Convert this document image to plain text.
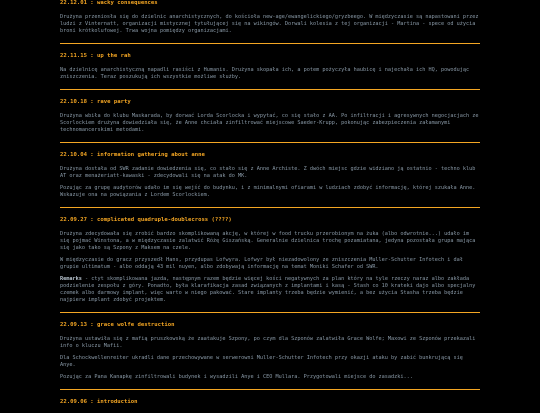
22.12.01 : wacky consequences

Drużyna przeniosła się do dzielnic anarchistycznych, do kościoła new-age/ewangelickiego/gryzbeego. W międzyczasie są napastowani przez ludzi z Vinternatt, organizacji mistycznej tytułującej się na wikingów. Dorwali kolesia z tej organizacji - Martina - spece od użycia broni krótkolufowej. Trwa wojna pomiędzy organizacjami.

22.11.15 : up the rah

Na dzielnicę anarchistyczną napadli rasiści z Humanis. Drużyna skopała ich, a potem pożyczyła haubicę i najechała ich HQ, powodując zniszczenia. Teraz poszukują ich wszystkie możliwe służby.

22.10.18 : rave party

Drużyna wbiła do klubu Maskarada, by dorwać Lorda Scorlocka i wypytać, co się stało z AA. Po infiltracji i agresywnych negocjacjach ze Scorlockiem drużyna dowiedziała się, że Anne chciała zinfiltrować miejscowe Saeder-Krupp, pokonując zabezpieczenia załamanymi technomancerskimi metodami.

22.10.04 : information gathering about anne

Drużyna dostała od SWR zadanie dowiedzenia się, co stało się z Anne Archiste. Z dwóch miejsc gdzie widziano ją ostatnio - techno klub AT oraz menażeriatt-kawaski - zdecydowali się na atak do MK.

Pozując za grupę audytorów udało im się wejść do budynku, i z minimalnymi ofiarami w ludziach zdobyć informację, której szukała Anne. Wskazuje ona na powiązania z Lordem Scorlockiem.

22.09.27 : complicated quadruple-doublecross (????)

Drużyna zdecydowała się zrobić bardzo skomplikowaną akcję, w której w food trucku przerobionym na żuka (albo odwrotnie...) udało im się pojmać Winstona, a w międzyczasie zalatwić Różę Giszańską. Generalnie dzielnica trochę pozamiatana, jedyna pozostała grupa mająca się jako tako są Szpony z Maksem na czele.

W międzyczasie do gracz przyszedł Hans, przydupas Lofwyra. Lofwyr był niezadowolony ze zniszczenia Muller-Schutter Infotech i dał grupie ultimatum - albo oddają 43 mil nuyen, albo zdobywają informację na temat Moniki Schafer od SWR.

Remarks - ctyt skomplikowana jazda, następnym razem będzie więcej kości negatywnych za plan który na tyle rzeczy naraz albo zakłada podzielenie zespołu z góry. Ponadto, była klarafikacja zasad związanych z implantami i kasą - Stash co 10 krateki dajo albo specjalny czemek albo darmowy implant, więc warto w niego pakować. Stare implanty trzeba będzie wymienić, a bez użycia Stasha trzeba będzie najpierw implant zdobyć projektem.

22.09.13 : grace wolfe destruction

Drużyna ustawiła się z mafią pruszkowską że zaatakuje Szpony, po czym dla Szponów zalatwiła Grace Wolfe; Maxowi ze Szponów przekazali info o kluczu Mafii.

Dla Schockwellenreiter ukradli dane przechowywane w serwerowni Muller-Schutter Infotech przy okazji ataku by zabić bunkrującą się Anye.

Pozując za Pana Kanapkę zinfiltrowali budynek i wysadzili Anye i CEO Mullara. Przygotowali miejsce do zasadzki...

22.09.06 : introduction
